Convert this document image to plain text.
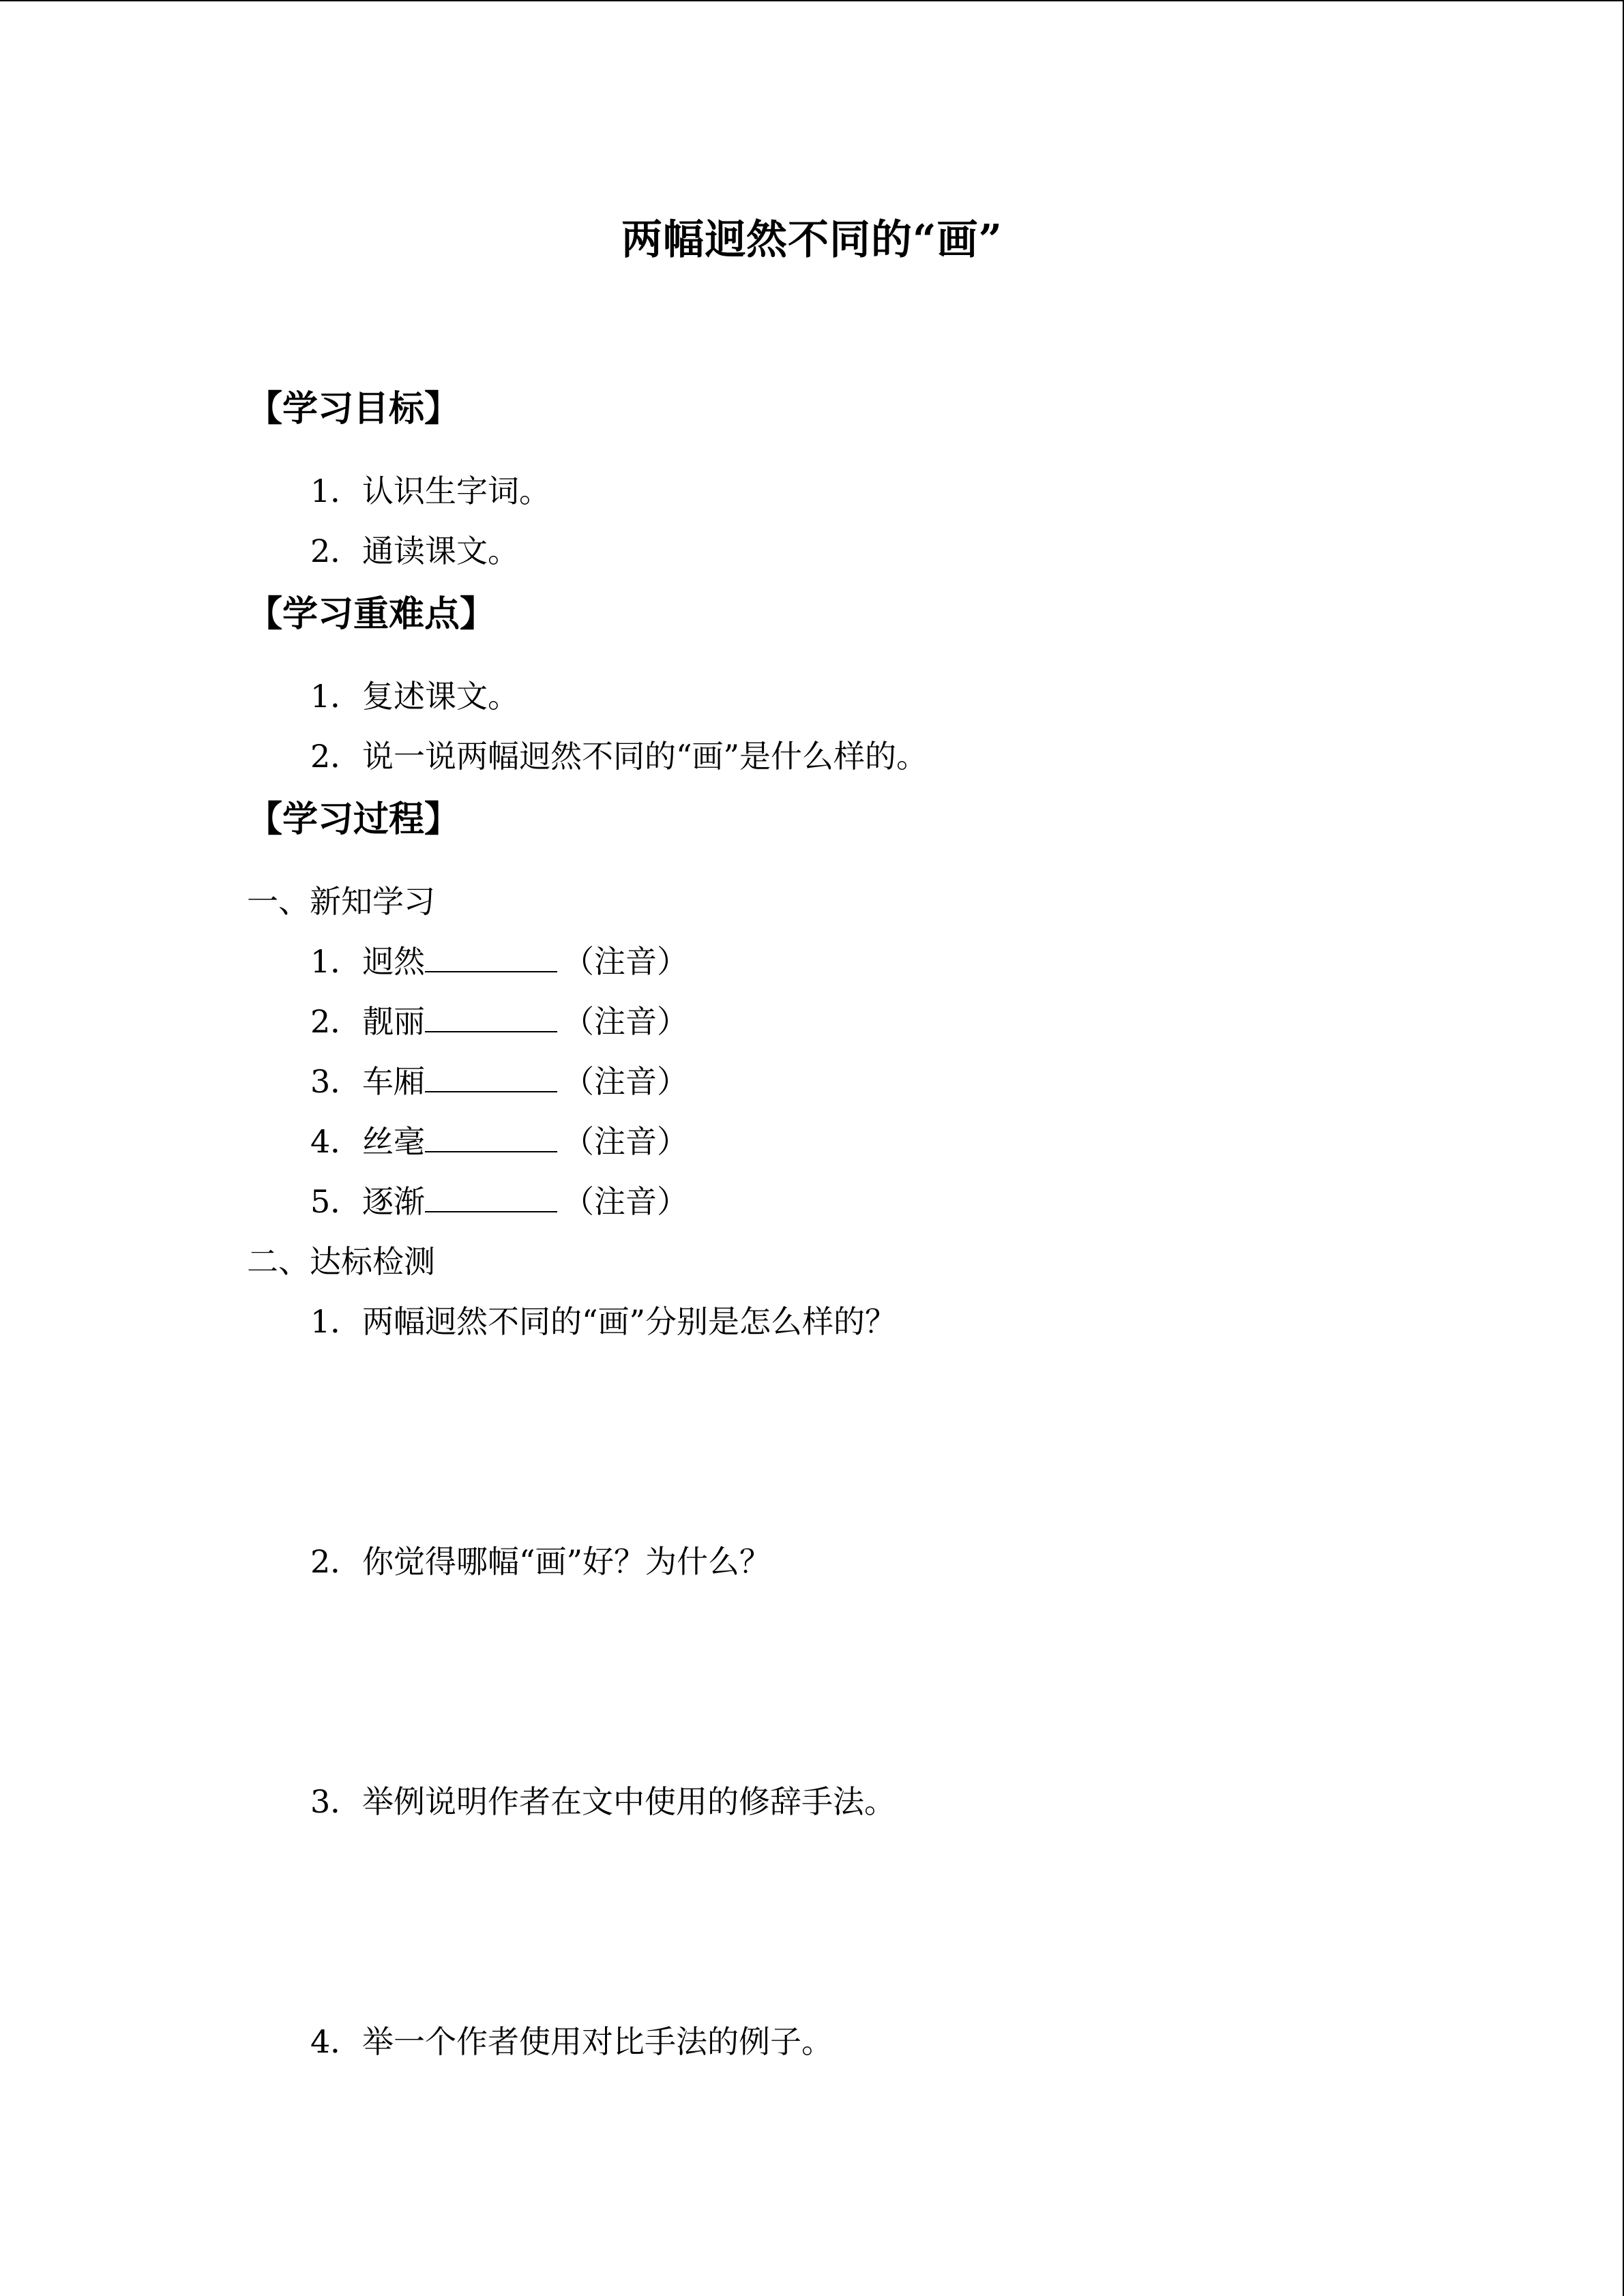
两幅迥然不同的“画”
【学习目标】
1．认识生字词。
2．通读课文。
【学习重难点】
1．复述课文。
2．说一说两幅迥然不同的“画”是什么样的。
【学习过程】
一、新知学习
1．迥然	（注音）
2．靓丽	（注音）
3．车厢	（注音）
4．丝毫	（注音）
5．逐渐	（注音）
二、达标检测
1．两幅迥然不同的“画”分别是怎么样的？
2．你觉得哪幅“画”好？为什么？
3．举例说明作者在文中使用的修辞手法。
4．举一个作者使用对比手法的例子。
